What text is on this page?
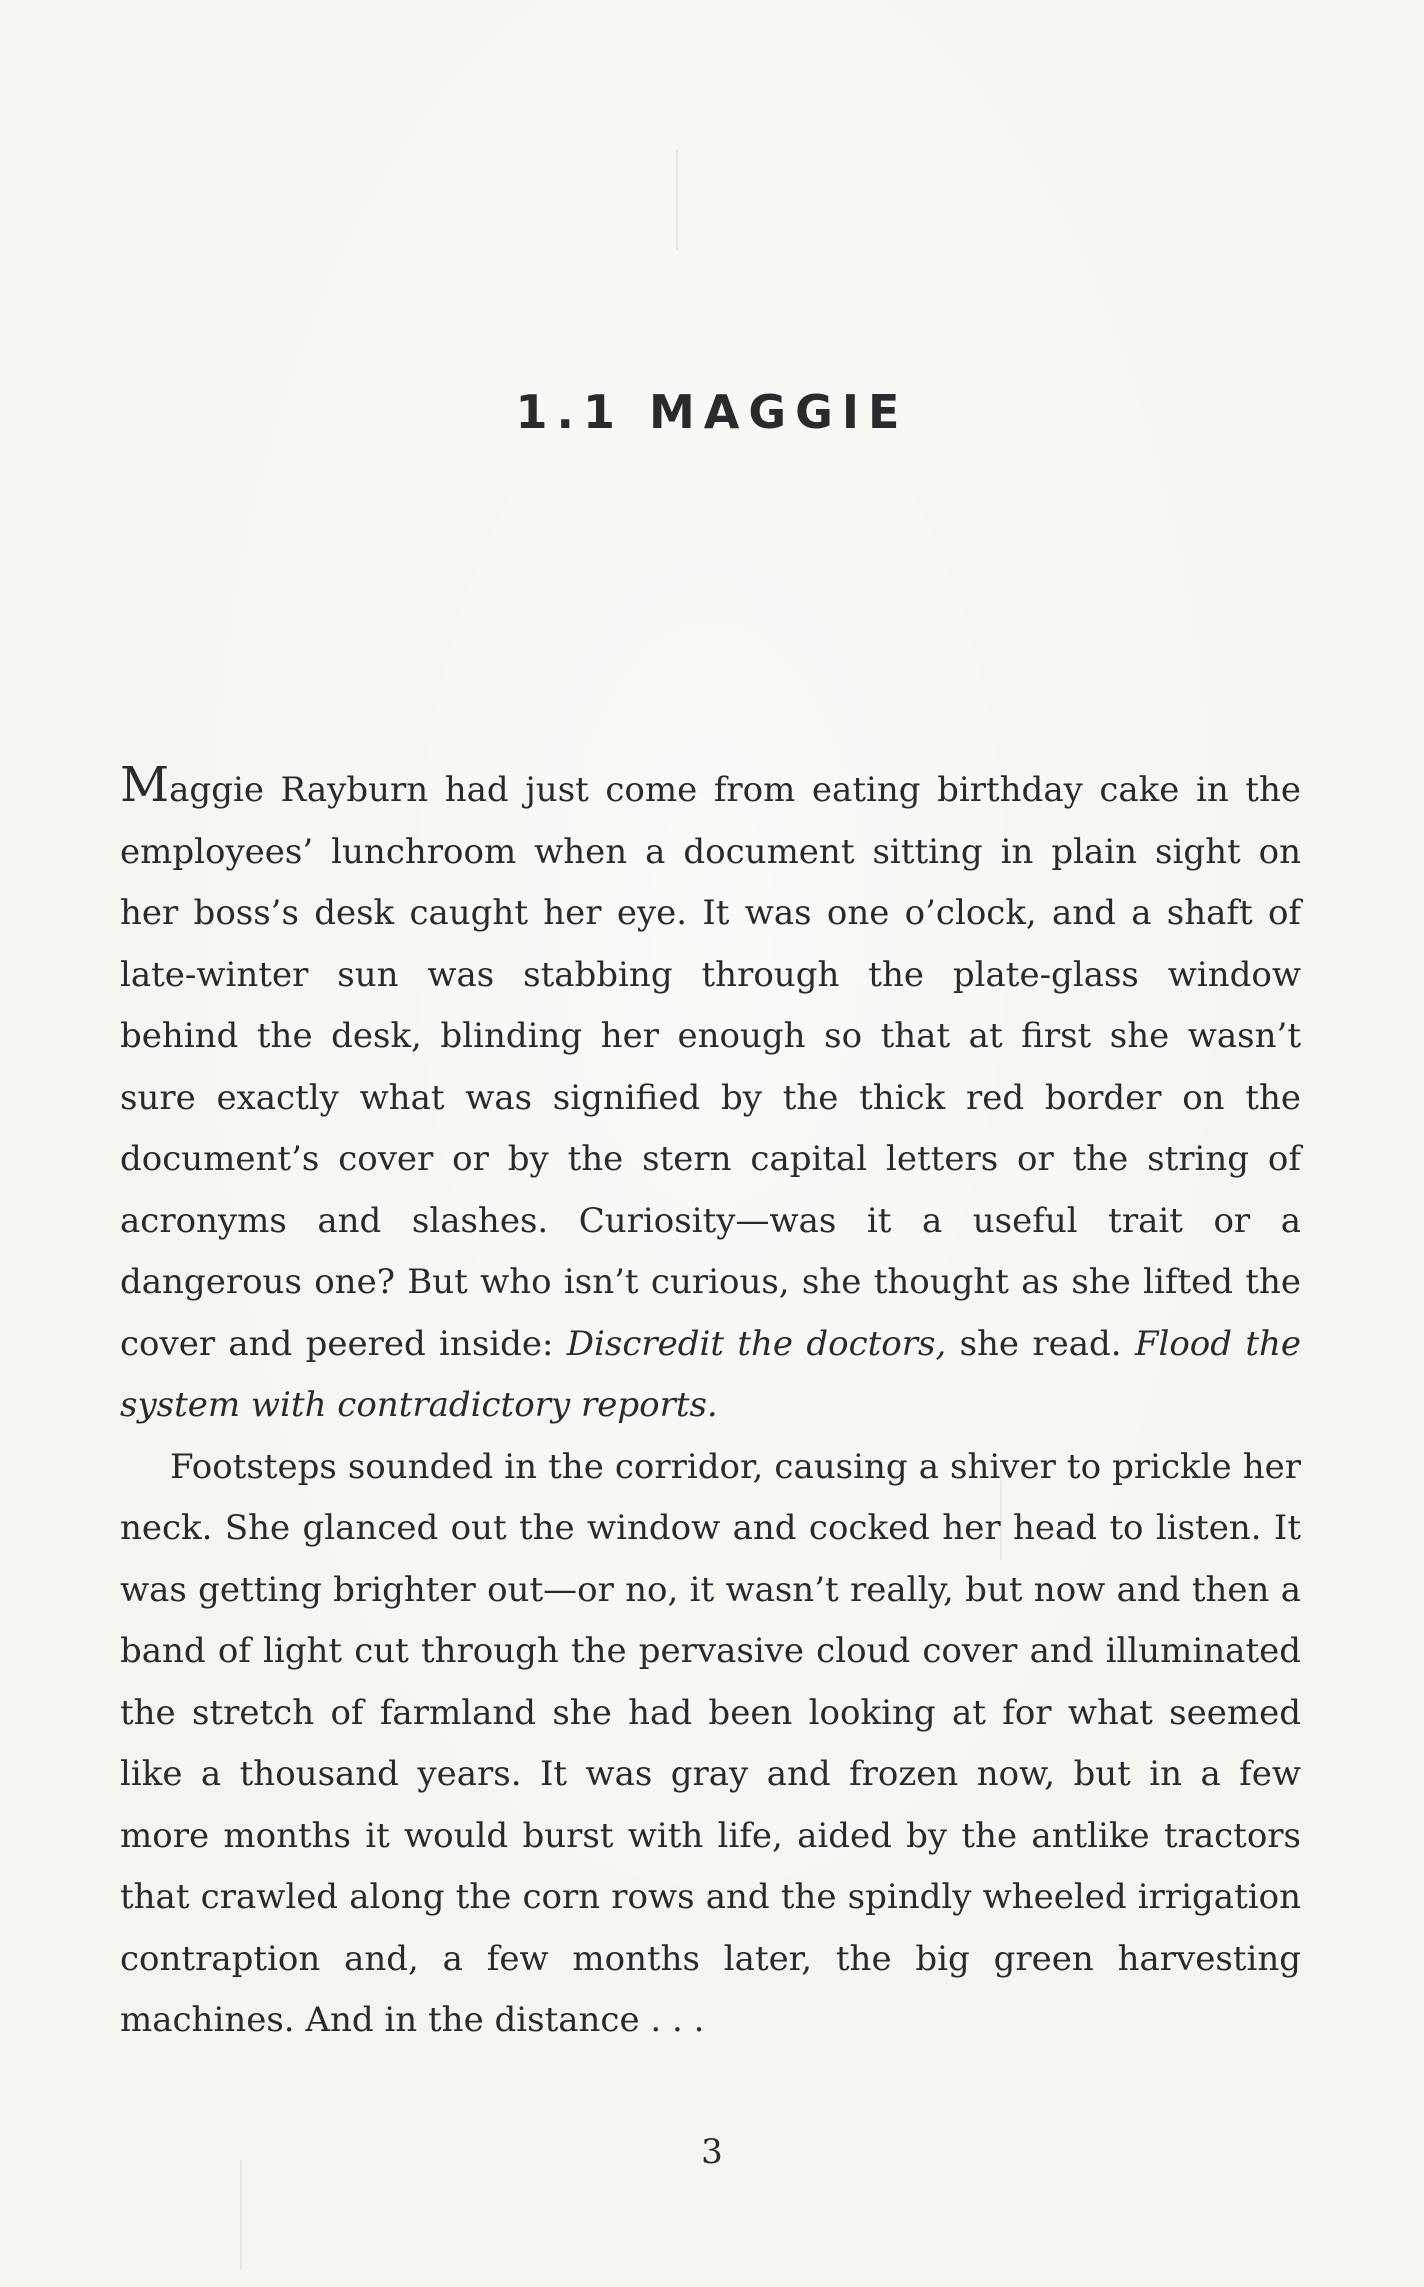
1.1 MAGGIE

Maggie Rayburn had just come from eating birthday cake in the employees’ lunchroom when a document sitting in plain sight on her boss’s desk caught her eye. It was one o’clock, and a shaft of late-winter sun was stabbing through the plate-glass window behind the desk, blinding her enough so that at first she wasn’t sure exactly what was signified by the thick red border on the document’s cover or by the stern capital letters or the string of acronyms and slashes. Curiosity—was it a useful trait or a dangerous one? But who isn’t curious, she thought as she lifted the cover and peered inside: Discredit the doctors, she read. Flood the system with contradictory reports.

Footsteps sounded in the corridor, causing a shiver to prickle her neck. She glanced out the window and cocked her head to listen. It was getting brighter out—or no, it wasn’t really, but now and then a band of light cut through the pervasive cloud cover and illuminated the stretch of farmland she had been looking at for what seemed like a thousand years. It was gray and frozen now, but in a few more months it would burst with life, aided by the antlike tractors that crawled along the corn rows and the spindly wheeled irrigation contraption and, a few months later, the big green harvesting machines. And in the distance . . .

3
